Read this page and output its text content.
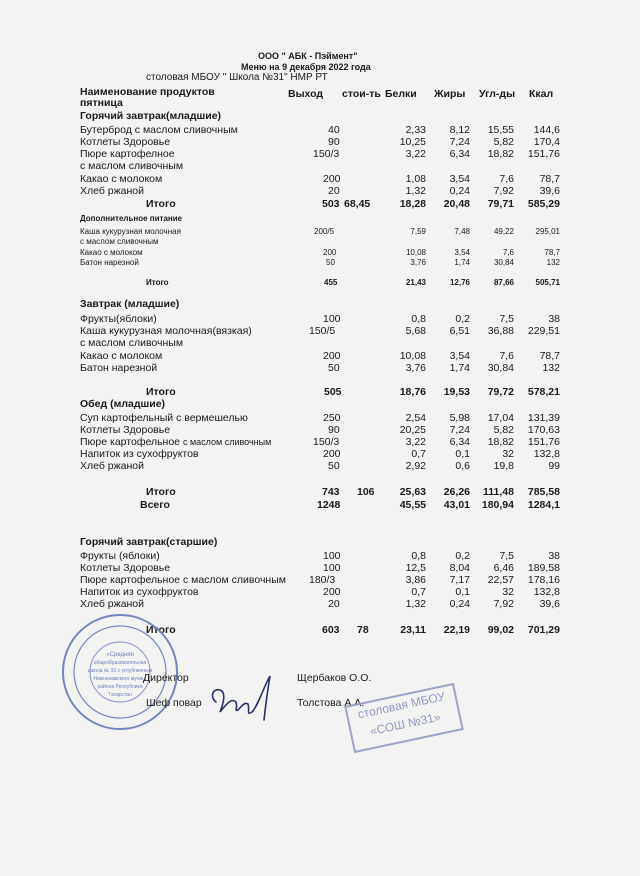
ООО " АБК - Пэймент"
Меню на 9 декабря 2022 года
столовая МБОУ " Школа №31" НМР РТ
Наименование продуктов
пятница
Выход стои-ть Белки Жиры Угл-ды Ккал
Горячий завтрак(младшие)
Бутерброд с маслом сливочным	40	2,33	8,12	15,55	144,6
Котлеты Здоровье	90	10,25	7,24	5,82	170,4
Пюре картофелное
с маслом сливочным
150/3	3,22	6,34	18,82	151,76
Какао с молоком	200	1,08	3,54	7,6	78,7
Хлеб ржаной	20	1,32	0,24	7,92	39,6
Итого	503 68,45	18,28	20,48	79,71	585,29
Дополнительное питание
Каша кукурузная молочная
с маслом сливочным
200/5	7,59	7,48	49,22	295,01
Какао с молоком	200	10,08	3,54	7,6	78,7
Батон нарезной	50	3,76	1,74	30,84	132
Итого	455	21,43	12,76	87,66	505,71
Завтрак (младшие)
Фрукты(яблоки)	100	0,8	0,2	7,5	38
Каша кукурузная молочная(вязкая)
с маслом сливочным
150/5	5,68	6,51	36,88	229,51
Какао с молоком	200	10,08	3,54	7,6	78,7
Батон нарезной	50	3,76	1,74	30,84	132
Итого	505	18,76	19,53	79,72	578,21
Обед (младшие)
Суп картофельный с вермешелью	250	2,54	5,98	17,04	131,39
Котлеты Здоровье	90	20,25	7,24	5,82	170,63
Пюре картофельное с маслом сливочным	150/3	3,22	6,34	18,82	151,76
Напиток из сухофруктов	200	0,7	0,1	32	132,8
Хлеб ржаной	50	2,92	0,6	19,8	99
Итого	743 106	25,63	26,26	111,48	785,58
Всего	1248	45,55	43,01	180,94	1284,1
Горячий завтрак(старшие)
Фрукты (яблоки)	100	0,8	0,2	7,5	38
Котлеты Здоровье	100	12,5	8,04	6,46	189,58
Пюре картофельное с маслом сливочным 180/3	3,86	7,17	22,57	178,16
Напиток из сухофруктов	200	0,7	0,1	32	132,8
Хлеб ржаной	20	1,32	0,24	7,92	39,6
Итого	603 78	23,11	22,19	99,02	701,29
«Средняя
общеобразовательная
школа № 31 с углубленным
Нижнекамского муниц.
района Республики
Татарстан
Директор	Щербаков О.О.
Шеф повар	Толстова А.А.
столовая МБОУ «СОШ №31»
